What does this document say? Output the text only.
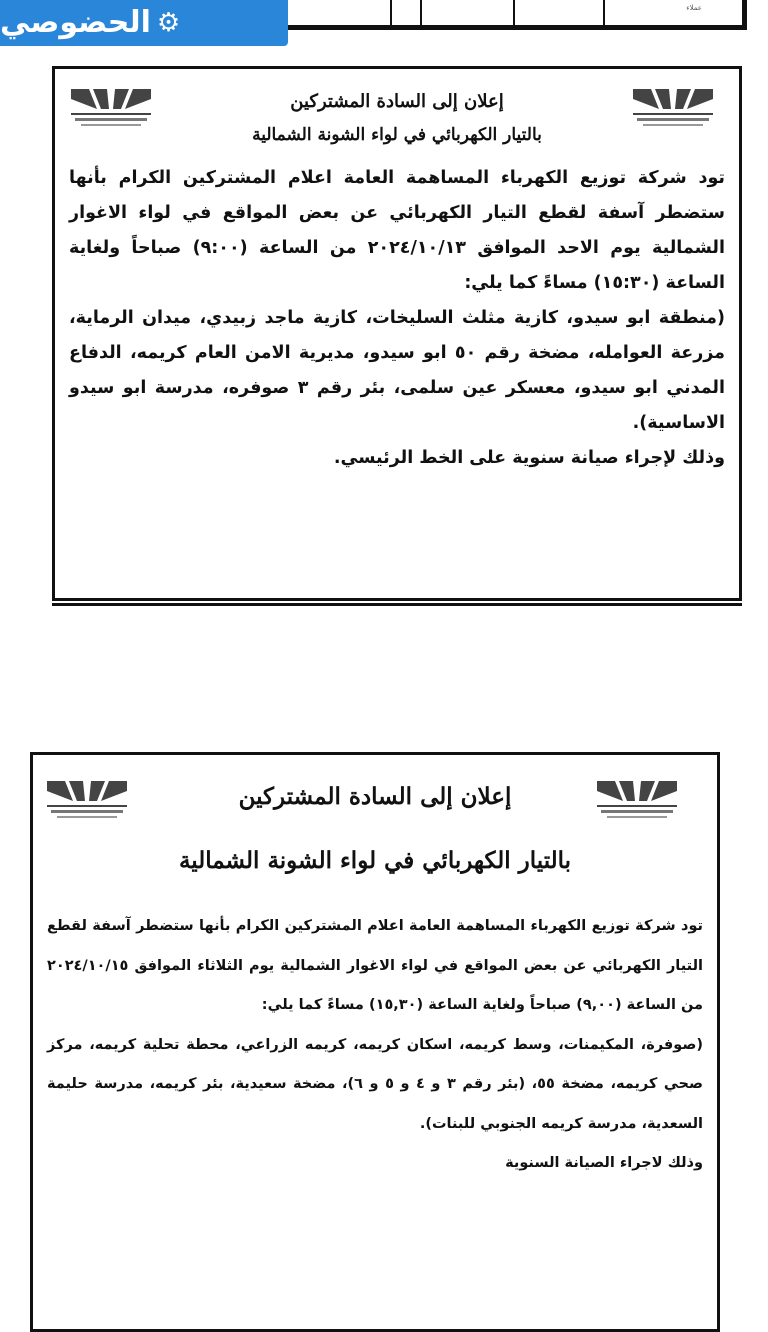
عملاء
⚙
الحضوصي
إعلان إلى السادة المشتركين
بالتيار الكهربائي في لواء الشونة الشمالية

تود شركة توزيع الكهرباء المساهمة العامة اعلام المشتركين الكرام بأنها ستضطر آسفة لقطع التيار الكهربائي عن بعض المواقع في لواء الاغوار الشمالية يوم الاحد الموافق ٢٠٢٤/١٠/١٣ من الساعة (٩:٠٠) صباحاً ولغاية الساعة (١٥:٣٠) مساءً كما يلي:

(منطقة ابو سيدو، كازية مثلث السليخات، كازية ماجد زبيدي، ميدان الرماية، مزرعة العوامله، مضخة رقم ٥٠ ابو سيدو، مديرية الامن العام كريمه، الدفاع المدني ابو سيدو، معسكر عين سلمى، بئر رقم ٣ صوفره، مدرسة ابو سيدو الاساسية).

وذلك لإجراء صيانة سنوية على الخط الرئيسي.

إعلان إلى السادة المشتركين
بالتيار الكهربائي في لواء الشونة الشمالية

تود شركة توزيع الكهرباء المساهمة العامة اعلام المشتركين الكرام بأنها ستضطر آسفة لقطع التيار الكهربائي عن بعض المواقع في لواء الاغوار الشمالية يوم الثلاثاء الموافق ٢٠٢٤/١٠/١٥ من الساعة (٩,٠٠) صباحاً ولغاية الساعة (١٥,٣٠) مساءً كما يلي:

(صوفرة، المكيمنات، وسط كريمه، اسكان كريمه، كريمه الزراعي، محطة تحلية كريمه، مركز صحي كريمه، مضخة ٥٥، (بئر رقم ٣ و ٤ و ٥ و ٦)، مضخة سعيدية، بئر كريمه، مدرسة حليمة السعدية، مدرسة كريمه الجنوبي للبنات).

وذلك لاجراء الصيانة السنوية
